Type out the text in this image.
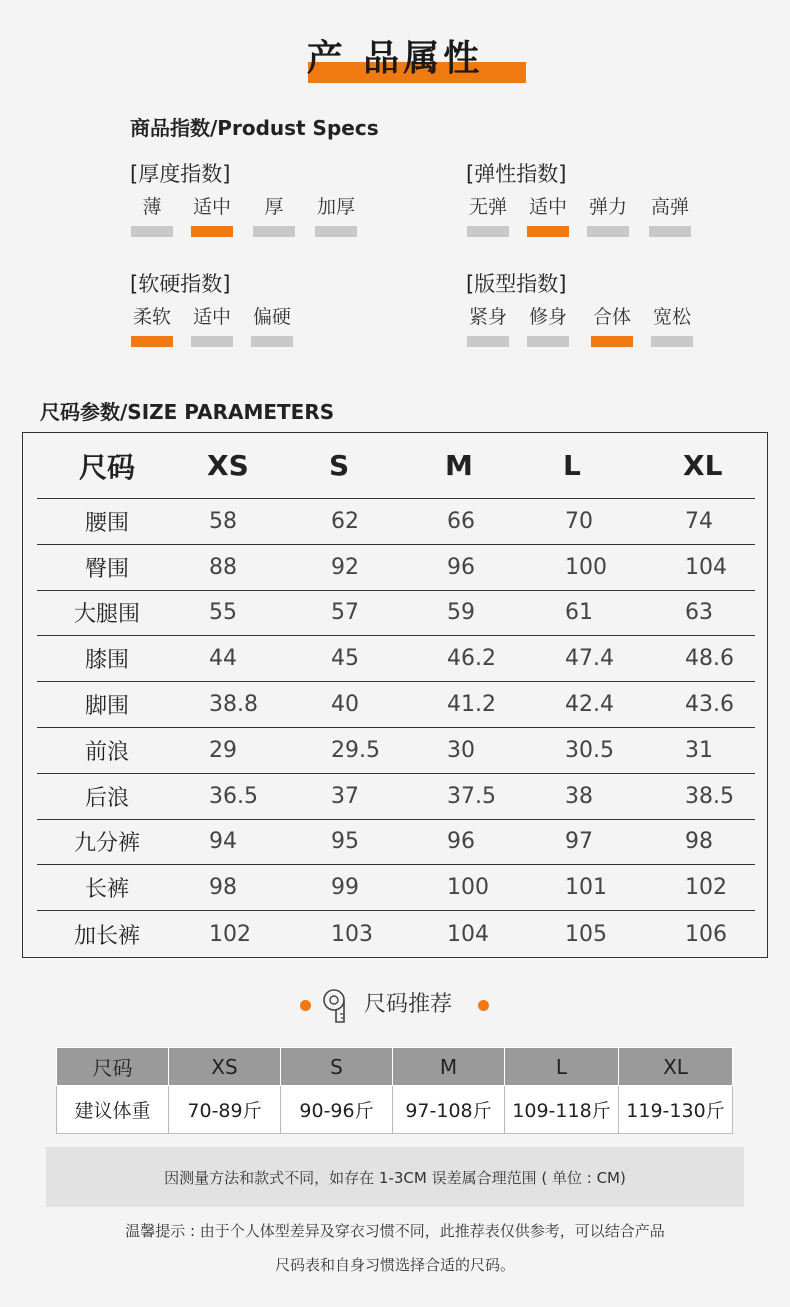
产 品属性
商品指数/Produst Specs
[厚度指数]
薄	适中	厚	加厚
[弹性指数]
无弹 适中 弹力 高弹
[软硬指数]
柔软 适中 偏硬
[版型指数]
紧身 修身 合体 宽松
尺码参数/SIZE PARAMETERS
尺码	XS	S	M	L	XL
腰围	58	62	66	70	74
臀围	88	92	96	100	104
大腿围	55	57	59	61	63
膝围	44	45	46.2	47.4	48.6
脚围	38.8	40	41.2	42.4	43.6
前浪	29	29.5	30	30.5	31
后浪	36.5	37	37.5	38	38.5
九分裤	94	95	96	97	98
长裤	98	99	100	101	102
加长裤	102	103	104	105	106
尺码推荐
尺码	XS	S	M	L	XL
建议体重	70-89斤	90-96斤	97-108斤	109-118斤	119-130斤
因测量方法和款式不同，如存在 1-3CM 误差属合理范围 ( 单位 : CM)
温馨提示 : 由于个人体型差异及穿衣习惯不同，此推荐表仅供参考，可以结合产品
尺码表和自身习惯选择合适的尺码。
